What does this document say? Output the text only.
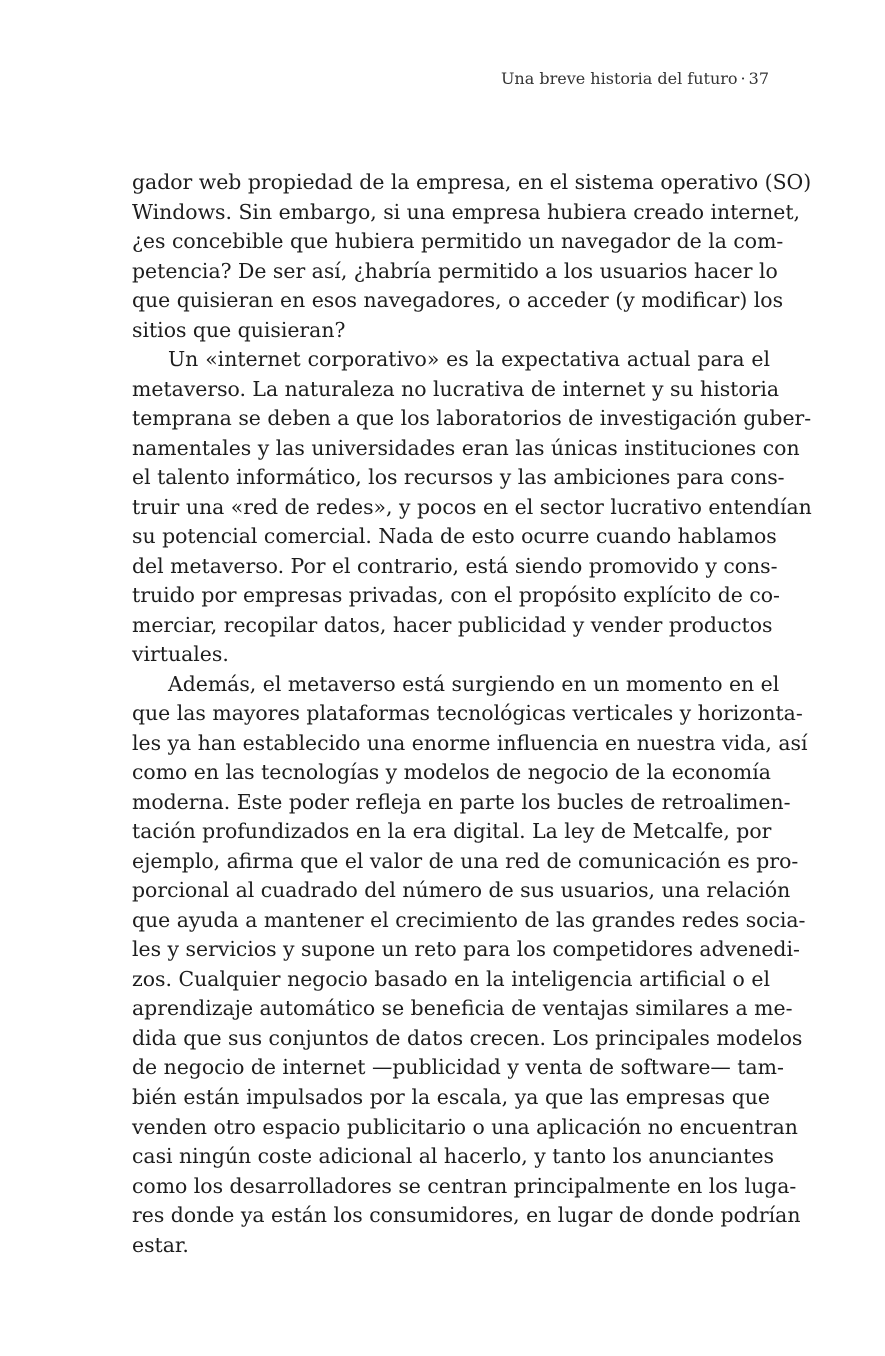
Una breve historia del futuro · 37
gador web propiedad de la empresa, en el sistema operativo (SO)
Windows. Sin embargo, si una empresa hubiera creado internet,
¿es concebible que hubiera permitido un navegador de la com-
petencia? De ser así, ¿habría permitido a los usuarios hacer lo
que quisieran en esos navegadores, o acceder (y modificar) los
sitios que quisieran?
Un «internet corporativo» es la expectativa actual para el
metaverso. La naturaleza no lucrativa de internet y su historia
temprana se deben a que los laboratorios de investigación guber-
namentales y las universidades eran las únicas instituciones con
el talento informático, los recursos y las ambiciones para cons-
truir una «red de redes», y pocos en el sector lucrativo entendían
su potencial comercial. Nada de esto ocurre cuando hablamos
del metaverso. Por el contrario, está siendo promovido y cons-
truido por empresas privadas, con el propósito explícito de co-
merciar, recopilar datos, hacer publicidad y vender productos
virtuales.
Además, el metaverso está surgiendo en un momento en el
que las mayores plataformas tecnológicas verticales y horizonta-
les ya han establecido una enorme influencia en nuestra vida, así
como en las tecnologías y modelos de negocio de la economía
moderna. Este poder refleja en parte los bucles de retroalimen-
tación profundizados en la era digital. La ley de Metcalfe, por
ejemplo, afirma que el valor de una red de comunicación es pro-
porcional al cuadrado del número de sus usuarios, una relación
que ayuda a mantener el crecimiento de las grandes redes socia-
les y servicios y supone un reto para los competidores advenedi-
zos. Cualquier negocio basado en la inteligencia artificial o el
aprendizaje automático se beneficia de ventajas similares a me-
dida que sus conjuntos de datos crecen. Los principales modelos
de negocio de internet —publicidad y venta de software— tam-
bién están impulsados por la escala, ya que las empresas que
venden otro espacio publicitario o una aplicación no encuentran
casi ningún coste adicional al hacerlo, y tanto los anunciantes
como los desarrolladores se centran principalmente en los luga-
res donde ya están los consumidores, en lugar de donde podrían
estar.
